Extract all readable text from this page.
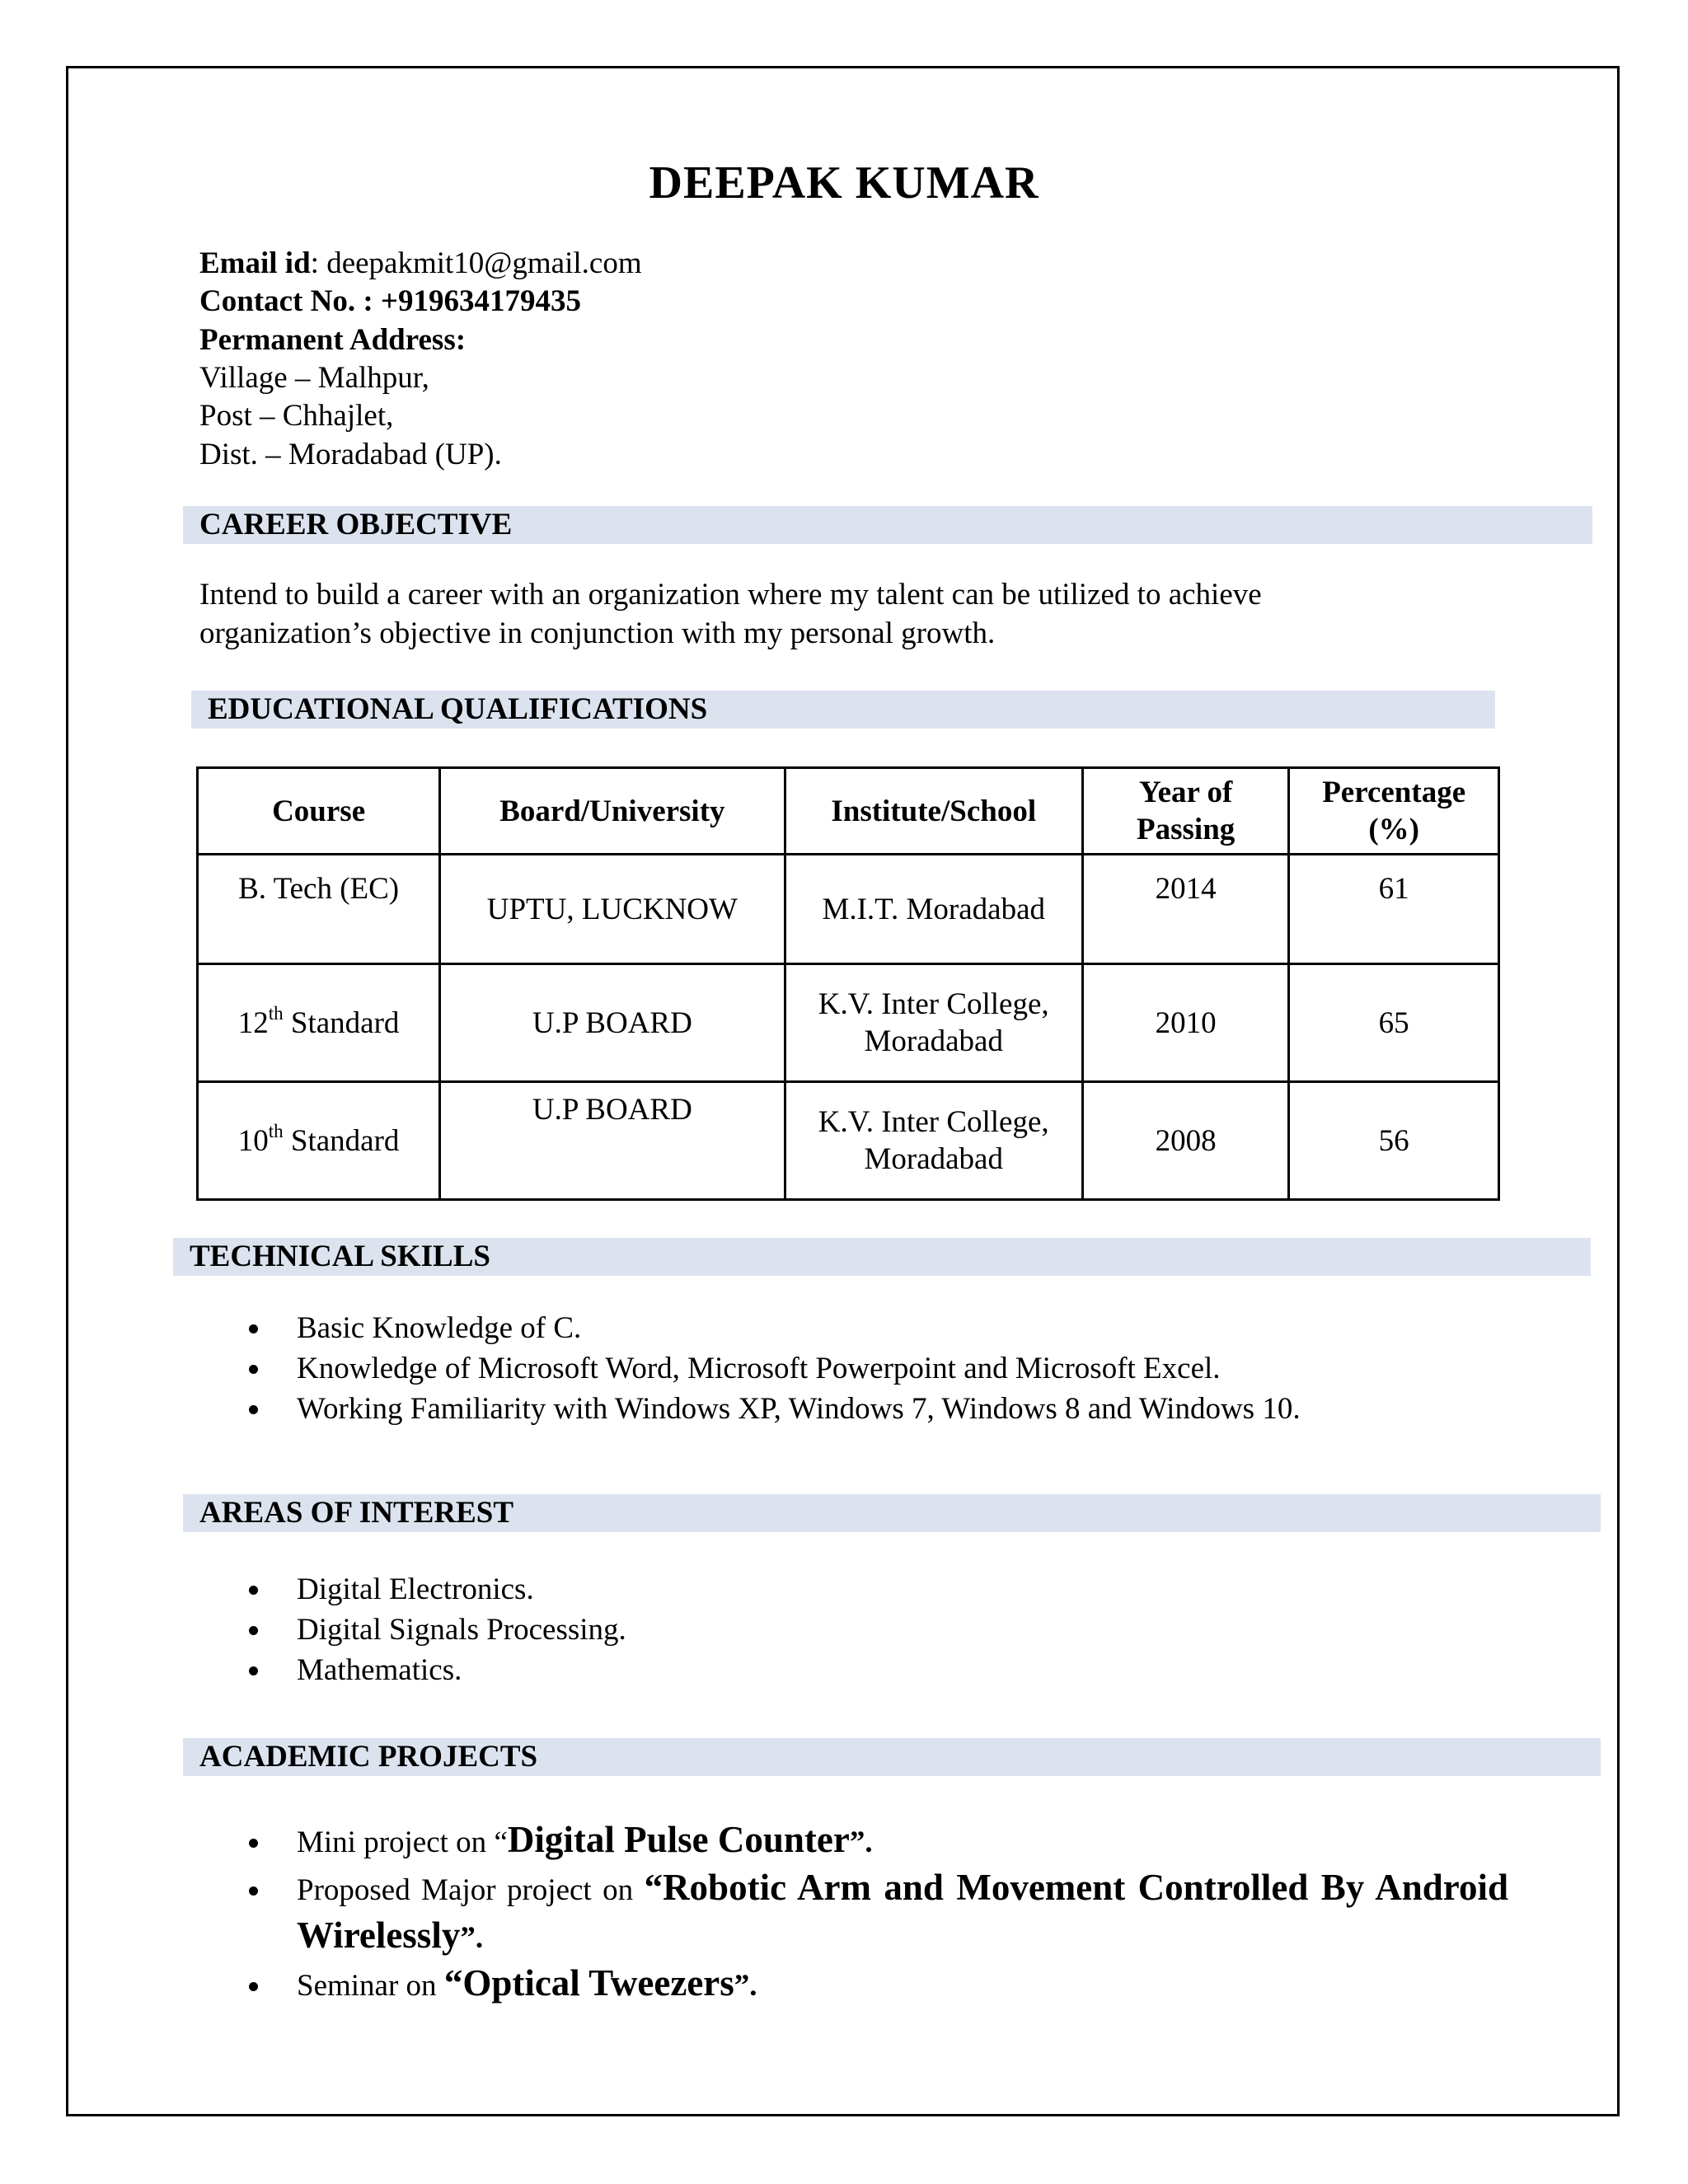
DEEPAK KUMAR
Email id: deepakmit10@gmail.com
Contact No. : +919634179435
Permanent Address:
Village – Malhpur,
Post – Chhajlet,
Dist. – Moradabad (UP).
CAREER OBJECTIVE
Intend to build a career with an organization where my talent can be utilized to achieve
organization’s objective in conjunction with my personal growth.
EDUCATIONAL QUALIFICATIONS
Course	Board/University	Institute/School	Year of Passing	Percentage (%)
B. Tech (EC)	UPTU, LUCKNOW	M.I.T. Moradabad	2014	61
12th Standard	U.P BOARD	K.V. Inter College, Moradabad	2010	65
10th Standard	U.P BOARD	K.V. Inter College, Moradabad	2008	56
TECHNICAL SKILLS
Basic Knowledge of C.
Knowledge of Microsoft Word, Microsoft Powerpoint and Microsoft Excel.
Working Familiarity with Windows XP, Windows 7, Windows 8 and Windows 10.
AREAS OF INTEREST
Digital Electronics.
Digital Signals Processing.
Mathematics.
ACADEMIC PROJECTS
Mini project on “Digital Pulse Counter”.
Proposed Major project on “Robotic Arm and Movement Controlled By Android Wirelessly”.
Seminar on “Optical Tweezers”.
